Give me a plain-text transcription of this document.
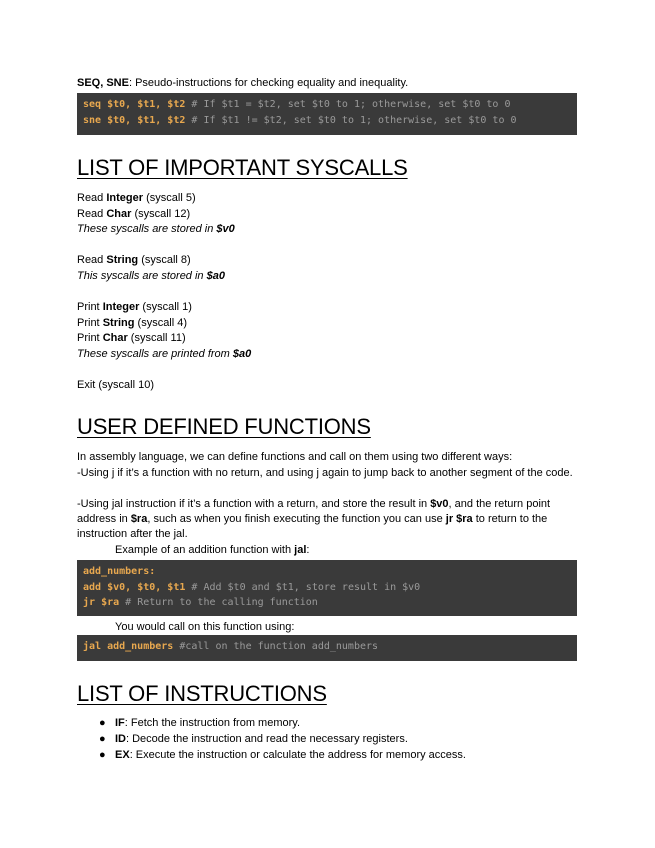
SEQ, SNE: Pseudo-instructions for checking equality and inequality.
seq $t0, $t1, $t2 # If $t1 = $t2, set $t0 to 1; otherwise, set $t0 to 0
sne $t0, $t1, $t2 # If $t1 != $t2, set $t0 to 1; otherwise, set $t0 to 0
LIST OF IMPORTANT SYSCALLS
Read Integer (syscall 5)
Read Char (syscall 12)
These syscalls are stored in $v0
Read String (syscall 8)
This syscalls are stored in $a0
Print Integer (syscall 1)
Print String (syscall 4)
Print Char (syscall 11)
These syscalls are printed from $a0
Exit (syscall 10)
USER DEFINED FUNCTIONS
In assembly language, we can define functions and call on them using two different ways:
-Using j if it’s a function with no return, and using j again to jump back to another segment of the code.
-Using jal instruction if it’s a function with a return, and store the result in $v0, and the return point address in $ra, such as when you finish executing the function you can use jr $ra to return to the instruction after the jal.
Example of an addition function with jal:
add_numbers:
add $v0, $t0, $t1 # Add $t0 and $t1, store result in $v0
jr $ra # Return to the calling function
You would call on this function using:
jal add_numbers #call on the function add_numbers
LIST OF INSTRUCTIONS
● IF: Fetch the instruction from memory.
● ID: Decode the instruction and read the necessary registers.
● EX: Execute the instruction or calculate the address for memory access.
